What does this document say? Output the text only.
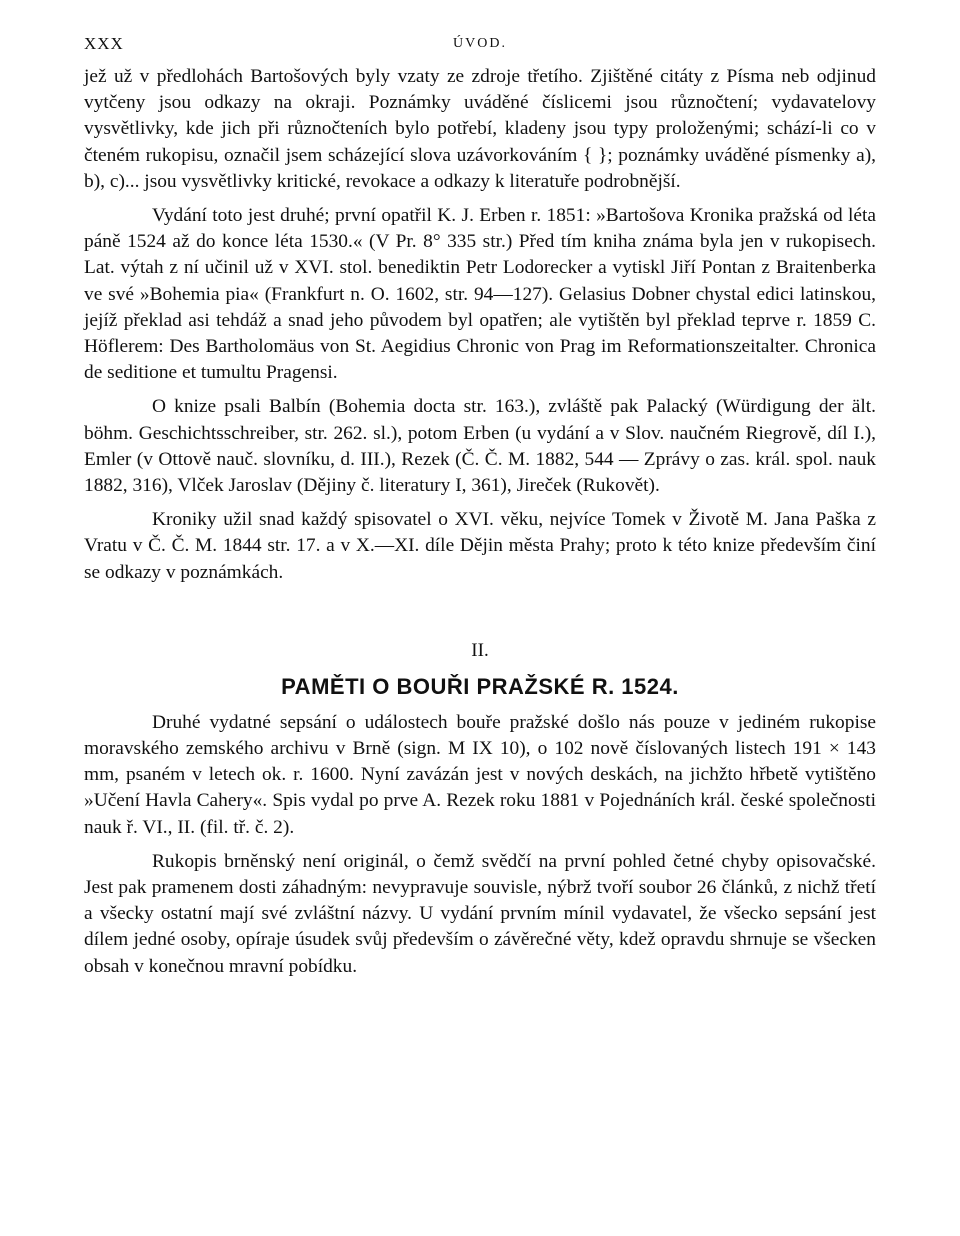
XXX	ÚVOD.

jež už v předlohách Bartošových byly vzaty ze zdroje třetího. Zjištěné citáty z Písma neb odjinud vytčeny jsou odkazy na okraji. Poznámky uváděné číslicemi jsou různočtení; vydavatelovy vysvětlivky, kde jich při různočteních bylo potřebí, kladeny jsou typy proloženými; schází-li co v čteném rukopisu, označil jsem scházející slova uzávorkováním { }; poznámky uváděné písmenky a), b), c)... jsou vysvětlivky kritické, revokace a odkazy k literatuře podrobnější.

Vydání toto jest druhé; první opatřil K. J. Erben r. 1851: »Bartošova Kronika pražská od léta páně 1524 až do konce léta 1530.« (V Pr. 8° 335 str.) Před tím kniha známa byla jen v rukopisech. Lat. výtah z ní učinil už v XVI. stol. benediktin Petr Lodorecker a vytiskl Jiří Pontan z Braitenberka ve své »Bohemia pia« (Frankfurt n. O. 1602, str. 94—127). Gelasius Dobner chystal edici latinskou, jejíž překlad asi tehdáž a snad jeho původem byl opatřen; ale vytištěn byl překlad teprve r. 1859 C. Höflerem: Des Bartholomäus von St. Aegidius Chronic von Prag im Reformationszeitalter. Chronica de seditione et tumultu Pragensi.

O knize psali Balbín (Bohemia docta str. 163.), zvláště pak Palacký (Würdigung der ält. böhm. Geschichtsschreiber, str. 262. sl.), potom Erben (u vydání a v Slov. naučném Riegrově, díl I.), Emler (v Ottově nauč. slovníku, d. III.), Rezek (Č. Č. M. 1882, 544 — Zprávy o zas. král. spol. nauk 1882, 316), Vlček Jaroslav (Dějiny č. literatury I, 361), Jireček (Rukovět).

Kroniky užil snad každý spisovatel o XVI. věku, nejvíce Tomek v Životě M. Jana Paška z Vratu v Č. Č. M. 1844 str. 17. a v X.—XI. díle Dějin města Prahy; proto k této knize především činí se odkazy v poznámkách.

II.
PAMĚTI O BOUŘI PRAŽSKÉ R. 1524.

Druhé vydatné sepsání o událostech bouře pražské došlo nás pouze v jediném rukopise moravského zemského archivu v Brně (sign. M IX 10), o 102 nově číslovaných listech 191 × 143 mm, psaném v letech ok. r. 1600. Nyní zavázán jest v nových deskách, na jichžto hřbetě vytištěno »Učení Havla Cahery«. Spis vydal po prve A. Rezek roku 1881 v Pojednáních král. české společnosti nauk ř. VI., II. (fil. tř. č. 2).

Rukopis brněnský není originál, o čemž svědčí na první pohled četné chyby opisovačské. Jest pak pramenem dosti záhadným: nevypravuje souvisle, nýbrž tvoří soubor 26 článků, z nichž třetí a všecky ostatní mají své zvláštní názvy. U vydání prvním mínil vydavatel, že všecko sepsání jest dílem jedné osoby, opíraje úsudek svůj především o závěrečné věty, kdež opravdu shrnuje se všecken obsah v konečnou mravní pobídku.
